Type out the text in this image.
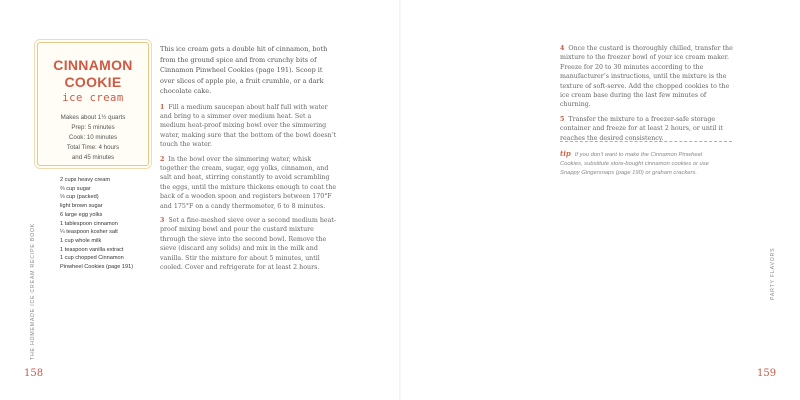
CINNAMON
COOKIE
ice cream
Makes about 1½ quarts
Prep: 5 minutes
Cook: 10 minutes
Total Time: 4 hours
and 45 minutes
2 cups heavy cream
⅔ cup sugar
⅓ cup (packed)
light brown sugar
6 large egg yolks
1 tablespoon cinnamon
¼ teaspoon kosher salt
1 cup whole milk
1 teaspoon vanilla extract
1 cup chopped Cinnamon
Pinwheel Cookies (page 191)

This ice cream gets a double hit of cinnamon, both from the ground spice and from crunchy bits of Cinnamon Pinwheel Cookies (page 191). Scoop it over slices of apple pie, a fruit crumble, or a dark chocolate cake.

1 Fill a medium saucepan about half full with water and bring to a simmer over medium heat. Set a medium heat-proof mixing bowl over the simmering water, making sure that the bottom of the bowl doesn’t touch the water.

2 In the bowl over the simmering water, whisk together the cream, sugar, egg yolks, cinnamon, and salt and heat, stirring constantly to avoid scrambling the eggs, until the mixture thickens enough to coat the back of a wooden spoon and registers between 170°F and 175°F on a candy thermometer, 6 to 8 minutes.

3 Set a fine-meshed sieve over a second medium heat-proof mixing bowl and pour the custard mixture through the sieve into the second bowl. Remove the sieve (discard any solids) and mix in the milk and vanilla. Stir the mixture for about 5 minutes, until cooled. Cover and refrigerate for at least 2 hours.

THE HOMEMADE ICE CREAM RECIPE BOOK
158

4 Once the custard is thoroughly chilled, transfer the mixture to the freezer bowl of your ice cream maker. Freeze for 20 to 30 minutes according to the manufacturer’s instructions, until the mixture is the texture of soft-serve. Add the chopped cookies to the ice cream base during the last few minutes of churning.

5 Transfer the mixture to a freezer-safe storage container and freeze for at least 2 hours, or until it reaches the desired consistency.

tip If you don’t want to make the Cinnamon Pinwheel Cookies, substitute store-bought cinnamon cookies or use Snappy Gingersnaps (page 190) or graham crackers.
PARTY FLAVORS
159
